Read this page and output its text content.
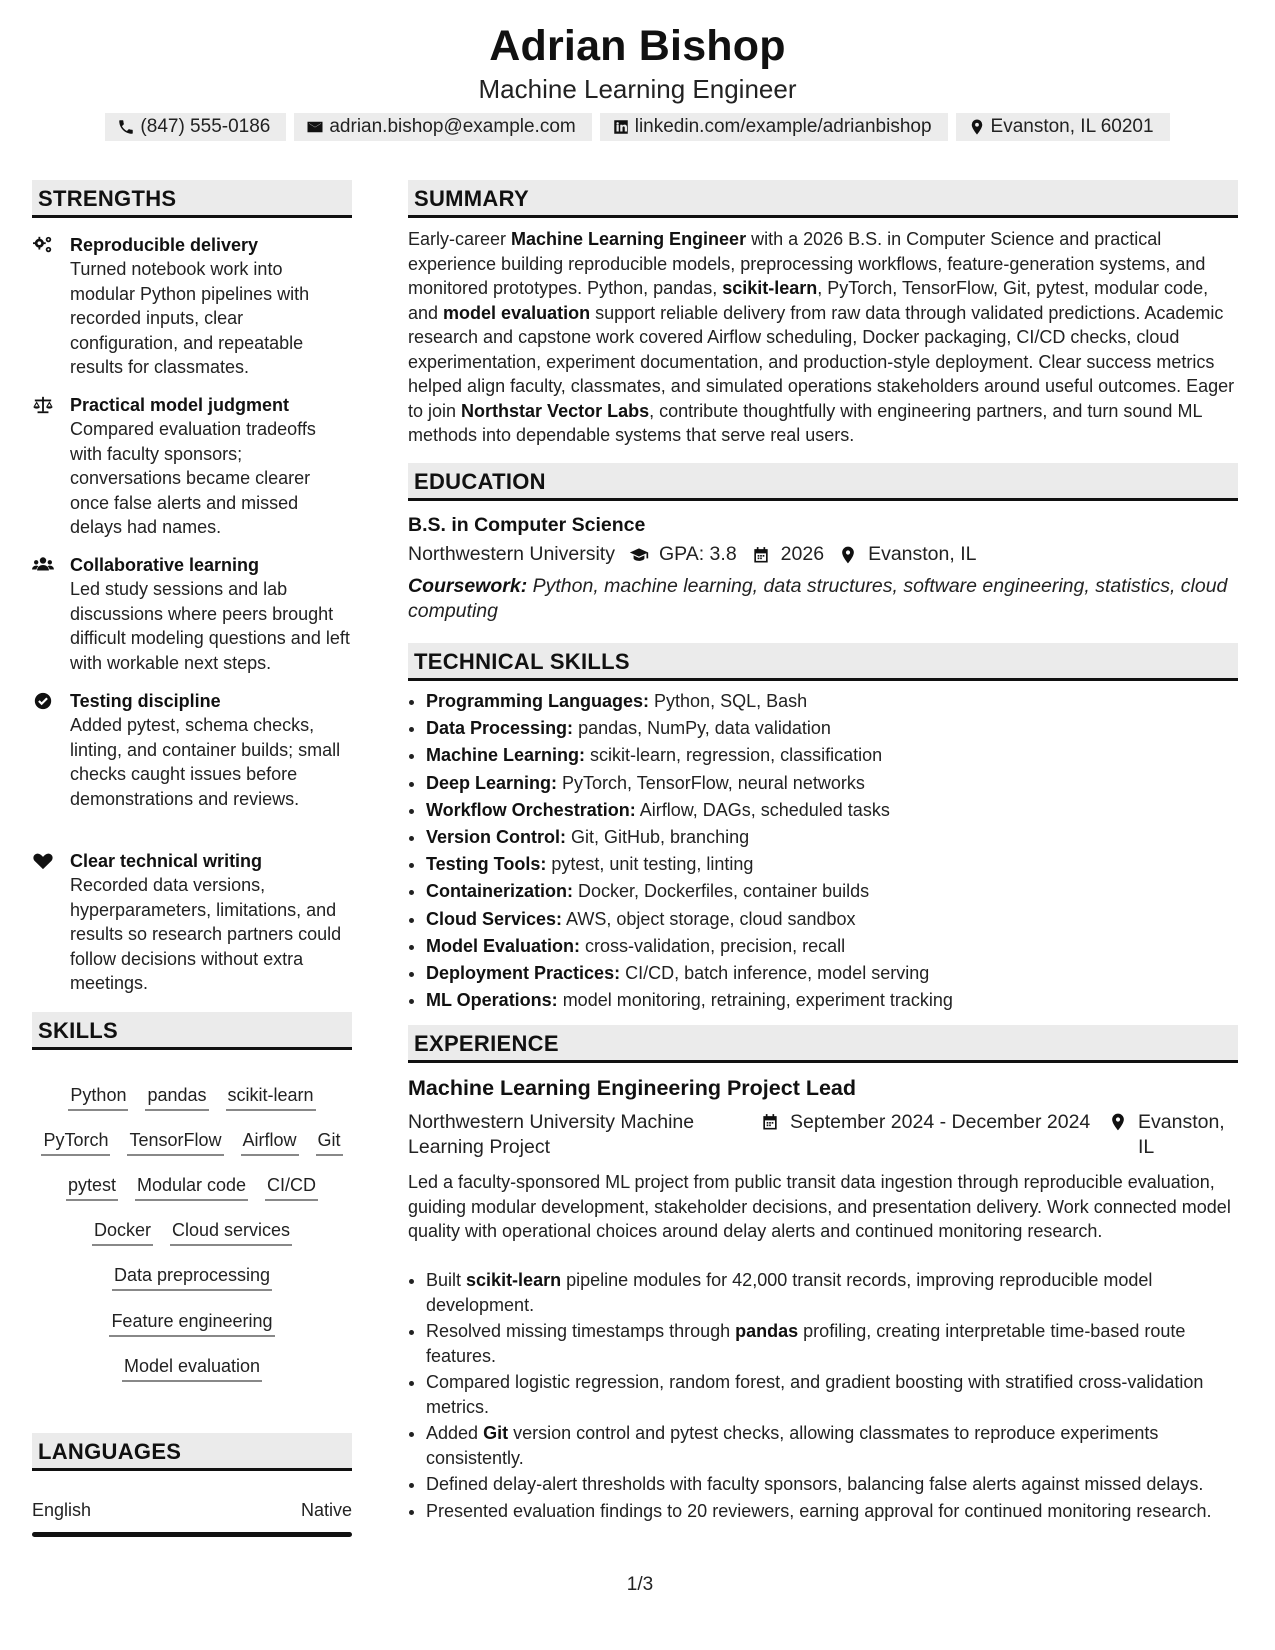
Adrian Bishop
Machine Learning Engineer
(847) 555-0186	adrian.bishop@example.com	linkedin.com/example/adrianbishop	Evanston, IL 60201
STRENGTHS
Reproducible delivery
Turned notebook work into modular Python pipelines with recorded inputs, clear configuration, and repeatable results for classmates.
Practical model judgment
Compared evaluation tradeoffs with faculty sponsors; conversations became clearer once false alerts and missed delays had names.
Collaborative learning
Led study sessions and lab discussions where peers brought difficult modeling questions and left with workable next steps.
Testing discipline
Added pytest, schema checks, linting, and container builds; small checks caught issues before demonstrations and reviews.
Clear technical writing
Recorded data versions, hyperparameters, limitations, and results so research partners could follow decisions without extra meetings.
SKILLS
Python pandas scikit-learn
PyTorch TensorFlow Airflow Git
pytest Modular code CI/CD
Docker Cloud services
Data preprocessing
Feature engineering
Model evaluation
LANGUAGES
English	Native
SUMMARY
Early-career Machine Learning Engineer with a 2026 B.S. in Computer Science and practical experience building reproducible models, preprocessing workflows, feature-generation systems, and monitored prototypes. Python, pandas, scikit-learn, PyTorch, TensorFlow, Git, pytest, modular code, and model evaluation support reliable delivery from raw data through validated predictions. Academic research and capstone work covered Airflow scheduling, Docker packaging, CI/CD checks, cloud experimentation, experiment documentation, and production-style deployment. Clear success metrics helped align faculty, classmates, and simulated operations stakeholders around useful outcomes. Eager to join Northstar Vector Labs, contribute thoughtfully with engineering partners, and turn sound ML methods into dependable systems that serve real users.
EDUCATION
B.S. in Computer Science
Northwestern University GPA: 3.8 2026 Evanston, IL
Coursework: Python, machine learning, data structures, software engineering, statistics, cloud computing
TECHNICAL SKILLS
• Programming Languages: Python, SQL, Bash
• Data Processing: pandas, NumPy, data validation
• Machine Learning: scikit-learn, regression, classification
• Deep Learning: PyTorch, TensorFlow, neural networks
• Workflow Orchestration: Airflow, DAGs, scheduled tasks
• Version Control: Git, GitHub, branching
• Testing Tools: pytest, unit testing, linting
• Containerization: Docker, Dockerfiles, container builds
• Cloud Services: AWS, object storage, cloud sandbox
• Model Evaluation: cross-validation, precision, recall
• Deployment Practices: CI/CD, batch inference, model serving
• ML Operations: model monitoring, retraining, experiment tracking
EXPERIENCE
Machine Learning Engineering Project Lead
Northwestern University Machine Learning Project
September 2024 - December 2024 Evanston, IL
Led a faculty-sponsored ML project from public transit data ingestion through reproducible evaluation, guiding modular development, stakeholder decisions, and presentation delivery. Work connected model quality with operational choices around delay alerts and continued monitoring research.
• Built scikit-learn pipeline modules for 42,000 transit records, improving reproducible model development.
• Resolved missing timestamps through pandas profiling, creating interpretable time-based route features.
• Compared logistic regression, random forest, and gradient boosting with stratified cross-validation metrics.
• Added Git version control and pytest checks, allowing classmates to reproduce experiments consistently.
• Defined delay-alert thresholds with faculty sponsors, balancing false alerts against missed delays.
• Presented evaluation findings to 20 reviewers, earning approval for continued monitoring research.
1/3
